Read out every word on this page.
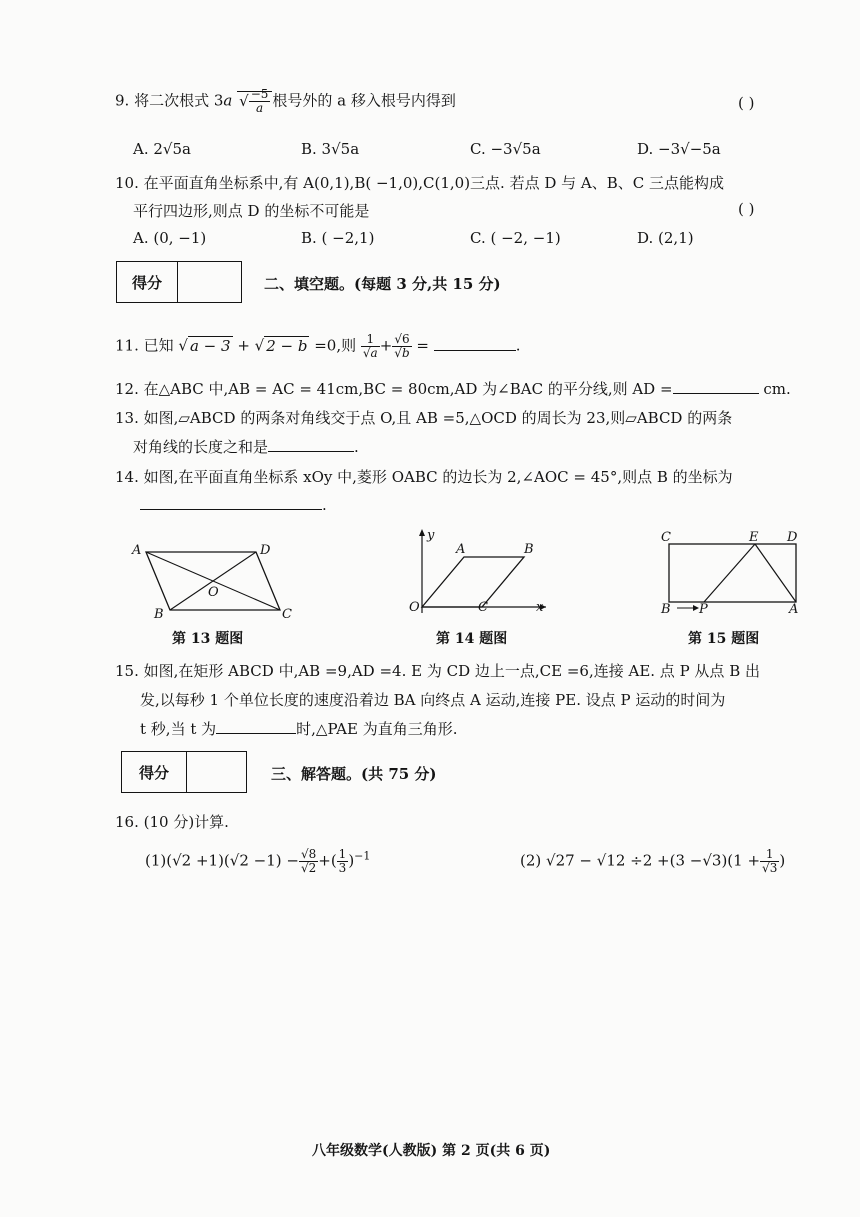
9. 将二次根式 3a √ $\frac{-5}{a}$ 根号外的 a 移入根号内得到	( )
A. 2√5a	B. 3√5a	C. −3√5a	D. −3√−5a
10. 在平面直角坐标系中,有 A(0,1),B( −1,0),C(1,0)三点. 若点 D 与 A、B、C 三点能构成
平行四边形,则点 D 的坐标不可能是	( )
A. (0, −1)	B. ( −2,1)	C. ( −2, −1)	D. (2,1)
得分	二、填空题。(每题 3 分,共 15 分)
11. 已知 √ a − 3 + √ 2 − b =0,则 $\frac{1}{√a} + \frac{√6}{√b}$ =	.
12. 在△ABC 中,AB = AC = 41cm,BC = 80cm,AD 为∠BAC 的平分线,则 AD =	cm.
13. 如图,▱ABCD 的两条对角线交于点 O,且 AB =5,△OCD 的周长为 23,则▱ABCD 的两条
对角线的长度之和是	.
14. 如图,在平面直角坐标系 xOy 中,菱形 OABC 的边长为 2,∠AOC = 45°,则点 B 的坐标为
.
A	D
O
B	C
第 13 题图
y
A	B
O	C	x
第 14 题图
C	E D
B P	A
第 15 题图
15. 如图,在矩形 ABCD 中,AB =9,AD =4. E 为 CD 边上一点,CE =6,连接 AE. 点 P 从点 B 出
发,以每秒 1 个单位长度的速度沿着边 BA 向终点 A 运动,连接 PE. 设点 P 运动的时间为
t 秒,当 t 为	时,△PAE 为直角三角形.
得分	三、解答题。(共 75 分)
16. (10 分)计算.
$(1)(√2 +1)(√2 -1) - \frac{√8}{√2}$ +( $\frac{1}{3} )^{-1}$	(2) $√27 - √12 \div 2 +(3 -√3)(1 + \frac{1}{√3}$ )
八年级数学(人教版) 第 2 页(共 6 页)
